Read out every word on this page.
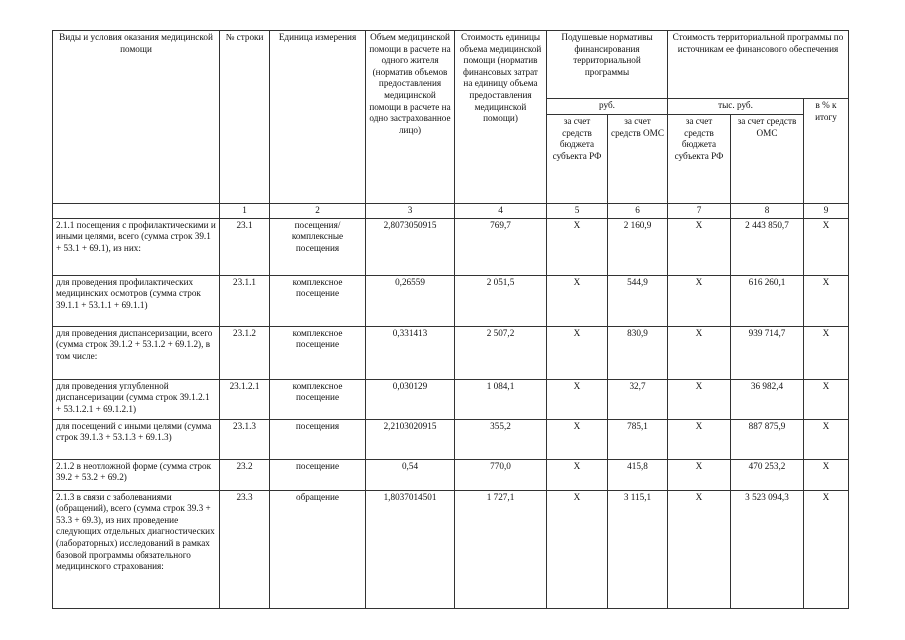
Виды и условия оказания медицинской помощи	№ строки	Единица измерения	Объем медицинской помощи в расчете на одного жителя (норматив объемов предоставления медицинской помощи в расчете на одно застрахованное лицо)	Стоимость единицы объема медицинской помощи (норматив финансовых затрат на единицу объема предоставления медицинской помощи)	Подушевые нормативы финансирования территориальной программы		Стоимость территориальной программы по источникам ее финансового обеспечения		
					руб.		тыс. руб.		в % к итогу
					за счет средств бюджета субъекта РФ	за счет средств ОМС	за счет средств бюджета субъекта РФ	за счет средств ОМС	
	1	2	3	4	5	6	7	8	9
2.1.1 посещения с профилактическими и иными целями, всего (сумма строк 39.1 + 53.1 + 69.1), из них:	23.1	посещения/ комплексные посещения	2,8073050915	769,7	X	2 160,9	X	2 443 850,7	X
для проведения профилактических медицинских осмотров (сумма строк 39.1.1 + 53.1.1 + 69.1.1)	23.1.1	комплексное посещение	0,26559	2 051,5	X	544,9	X	616 260,1	X
для проведения диспансеризации, всего (сумма строк 39.1.2 + 53.1.2 + 69.1.2), в том числе:	23.1.2	комплексное посещение	0,331413	2 507,2	X	830,9	X	939 714,7	X
для проведения углубленной диспансеризации (сумма строк 39.1.2.1 + 53.1.2.1 + 69.1.2.1)	23.1.2.1	комплексное посещение	0,030129	1 084,1	X	32,7	X	36 982,4	X
для посещений с иными целями (сумма строк 39.1.3 + 53.1.3 + 69.1.3)	23.1.3	посещения	2,2103020915	355,2	X	785,1	X	887 875,9	X
2.1.2 в неотложной форме (сумма строк 39.2 + 53.2 + 69.2)	23.2	посещение	0,54	770,0	X	415,8	X	470 253,2	X
2.1.3 в связи с заболеваниями (обращений), всего (сумма строк 39.3 + 53.3 + 69.3), из них проведение следующих отдельных диагностических (лабораторных) исследований в рамках базовой программы обязательного медицинского страхования:	23.3	обращение	1,8037014501	1 727,1	X	3 115,1	X	3 523 094,3	X
